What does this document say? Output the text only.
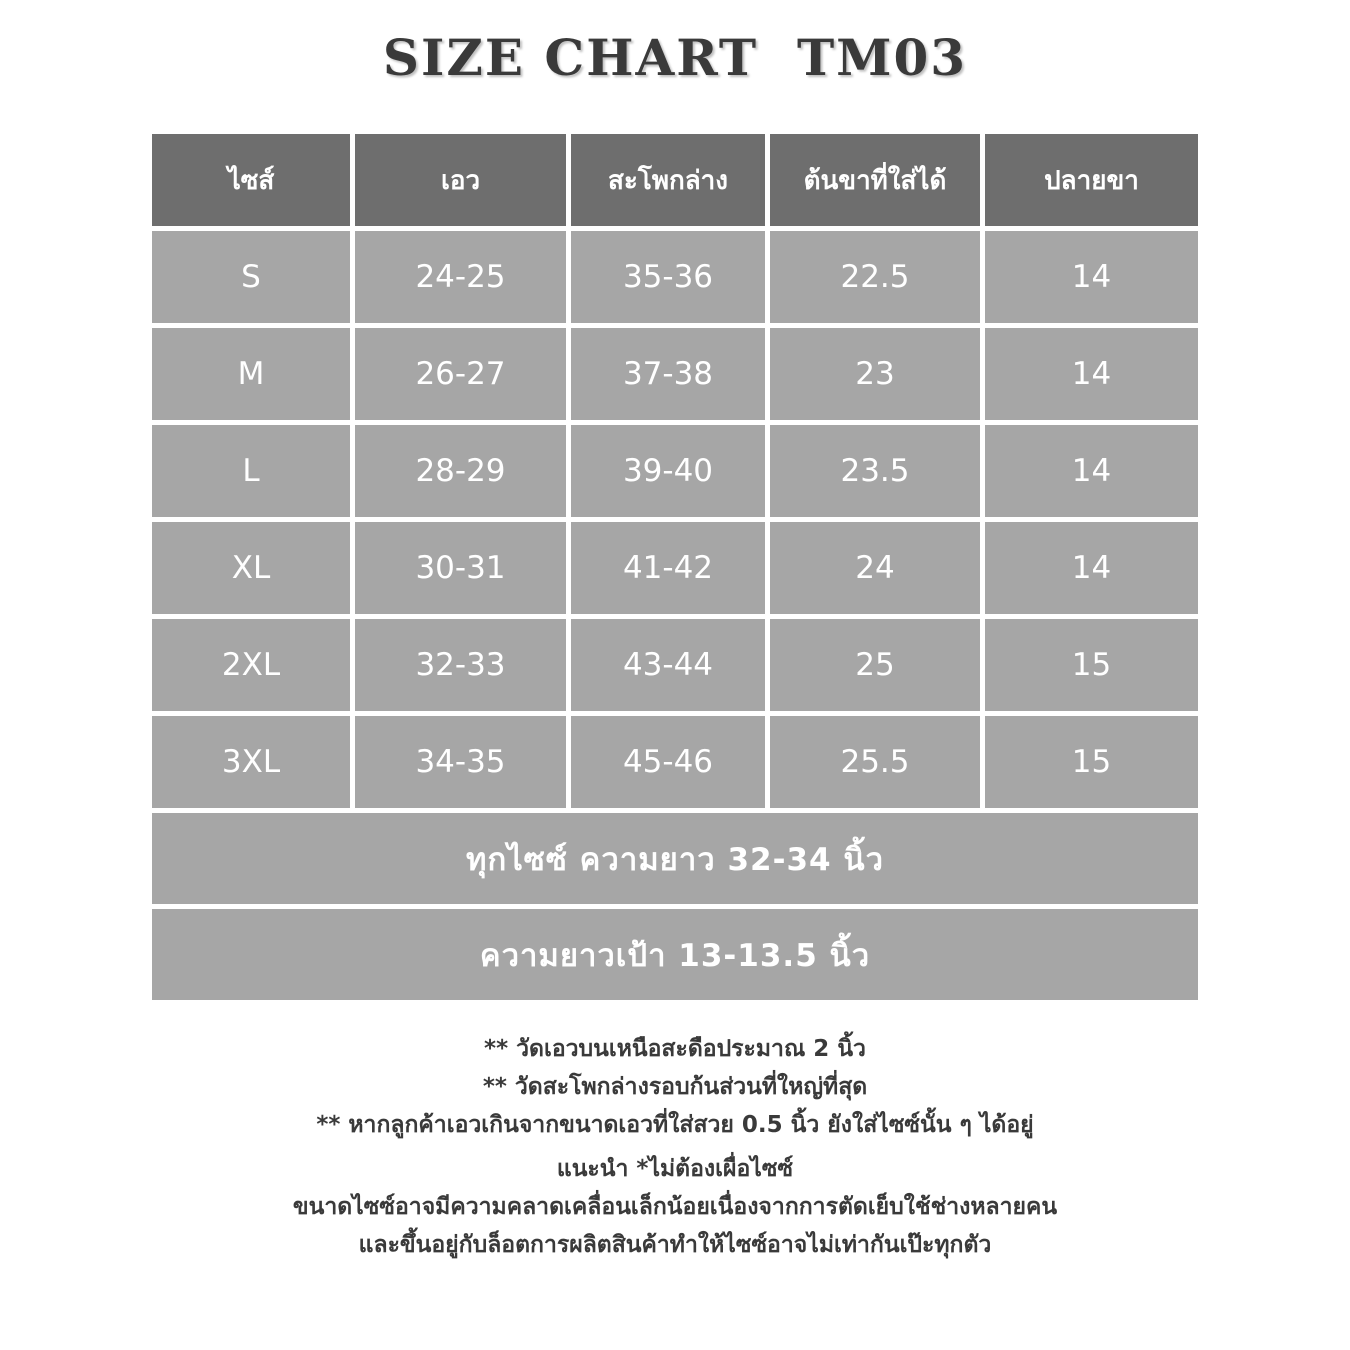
SIZE CHART  TM03
ไซส์	เอว	สะโพกล่าง	ต้นขาที่ใส่ได้	ปลายขา
S	24-25	35-36	22.5	14
M	26-27	37-38	23	14
L	28-29	39-40	23.5	14
XL	30-31	41-42	24	14
2XL	32-33	43-44	25	15
3XL	34-35	45-46	25.5	15
ทุกไซซ์ ความยาว 32-34 นิ้ว
ความยาวเป้า 13-13.5 นิ้ว
** วัดเอวบนเหนือสะดือประมาณ 2 นิ้ว
** วัดสะโพกล่างรอบก้นส่วนที่ใหญ่ที่สุด
** หากลูกค้าเอวเกินจากขนาดเอวที่ใส่สวย 0.5 นิ้ว ยังใส่ไซซ์นั้น ๆ ได้อยู่
แนะนำ *ไม่ต้องเผื่อไซซ์
ขนาดไซซ์อาจมีความคลาดเคลื่อนเล็กน้อยเนื่องจากการตัดเย็บใช้ช่างหลายคน
และขึ้นอยู่กับล็อตการผลิตสินค้าทำให้ไซซ์อาจไม่เท่ากันเป๊ะทุกตัว
